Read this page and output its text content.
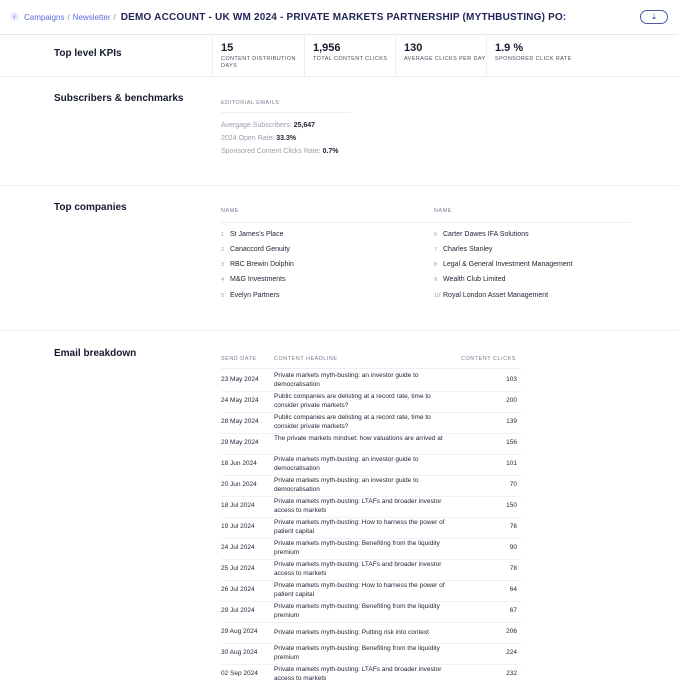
‹	Campaigns / Newsletter / DEMO ACCOUNT - UK WM 2024 - PRIVATE MARKETS PARTNERSHIP (MYTHBUSTING) PO:	⤓
Top level KPIs	15
CONTENT DISTRIBUTION DAYS
1,956
TOTAL CONTENT CLICKS
130
AVERAGE CLICKS PER DAY
1.9 %
SPONSORED CLICK RATE
Subscribers & benchmarks	EDITORIAL EMAILS
Avergage Subscribers: 25,647
2024 Open Rate: 33.3%
Sponsored Content Clicks Rate: 0.7%
Top companies	NAME	NAME
1 St James's Place
2 Canaccord Genuity
3 RBC Brewin Dolphin
4 M&G Investments
5 Evelyn Partners
6 Carter Dawes IFA Solutions
7 Charles Stanley
8 Legal & General Investment Management
9 Wealth Club Limited
10 Royal London Asset Management
Email breakdown	SEND DATE	CONTENT HEADLINE	CONTENT CLICKS
23 May 2024
Private markets myth-busting: an investor guide to democratisation
103
24 May 2024
Public companies are delisting at a record rate, time to consider private markets?
200
28 May 2024
Public companies are delisting at a record rate, time to consider private markets?
139
29 May 2024
The private markets mindset: how valuations are arrived at
156
18 Jun 2024
Private markets myth-busting: an investor guide to democratisation
101
20 Jun 2024
Private markets myth-busting: an investor guide to democratisation
70
18 Jul 2024
Private markets myth-busting: LTAFs and broader investor access to markets
150
19 Jul 2024
Private markets myth-busting: How to harness the power of patient capital
76
24 Jul 2024
Private markets myth-busting: Benefiting from the liquidity premium
90
25 Jul 2024
Private markets myth-busting: LTAFs and broader investor access to markets
78
26 Jul 2024
Private markets myth-busting: How to harness the power of patient capital
64
29 Jul 2024
Private markets myth-busting: Benefiting from the liquidity premium
67
29 Aug 2024	Private markets myth-busting: Putting risk into context	206
30 Aug 2024
Private markets myth-busting: Benefiting from the liquidity premium
224
02 Sep 2024
Private markets myth-busting: LTAFs and broader investor access to markets
232
